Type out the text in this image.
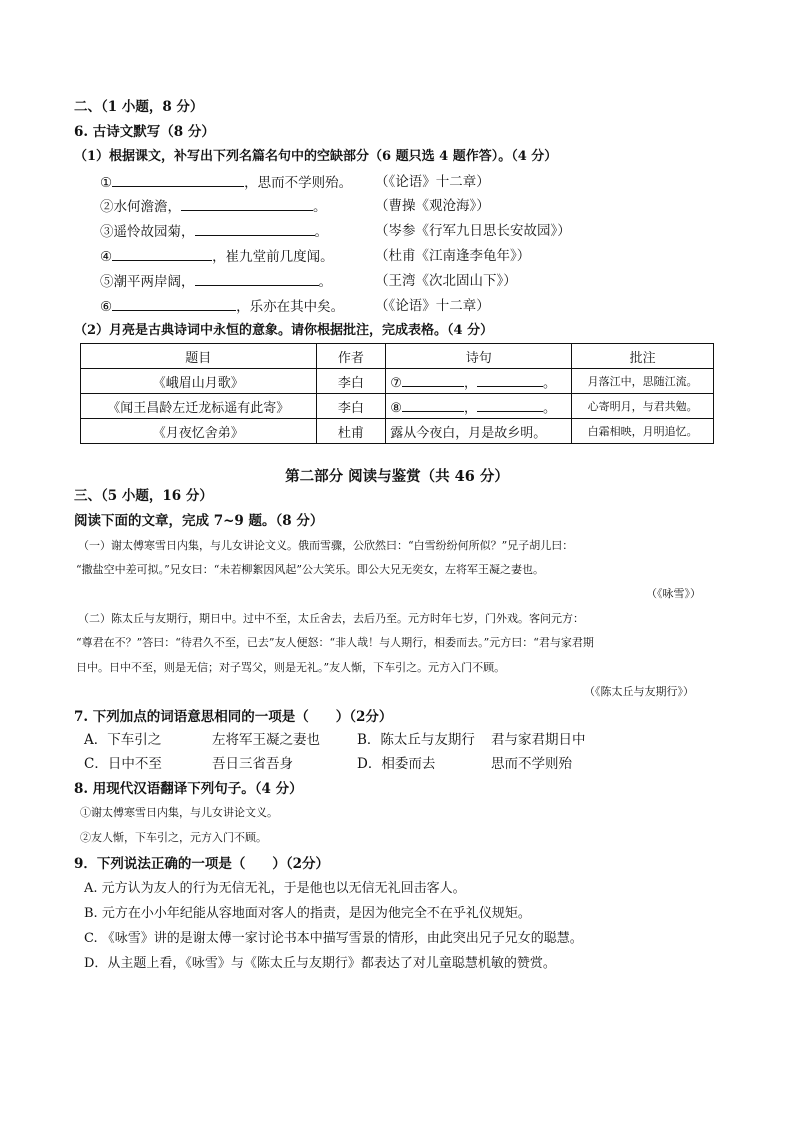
二、（1 小题，8 分）
6. 古诗文默写（8 分）
（1）根据课文，补写出下列名篇名句中的空缺部分（6 题只选 4 题作答）。（4 分）
①	，思而不学则殆。 （《论语》十二章）
②水何澹澹，	。	（曹操《观沧海》）
③遥怜故园菊，	。	（岑参《行军九日思长安故园》）
④	，崔九堂前几度闻。	（杜甫《江南逢李龟年》）
⑤潮平两岸阔，	。	（王湾《次北固山下》）
⑥	，乐亦在其中矣。 （《论语》十二章）
（2）月亮是古典诗词中永恒的意象。请你根据批注，完成表格。（4 分）
题目	作者	诗句	批注
《峨眉山月歌》	李白	⑦ ， 。	月落江中，思随江流。
《闻王昌龄左迁龙标遥有此寄》	李白	⑧ ， 。	心寄明月，与君共勉。
《月夜忆舍弟》	杜甫	露从今夜白，月是故乡明。	白霜相映，月明追忆。
第二部分 阅读与鉴赏（共 46 分）
三、（5 小题，16 分）
阅读下面的文章，完成 7~9 题。（8 分）
（一）谢太傅寒雪日内集，与儿女讲论文义。俄而雪骤，公欣然曰：“白雪纷纷何所似？”兄子胡儿曰：
“撒盐空中差可拟。”兄女曰：“未若柳絮因风起”公大笑乐。即公大兄无奕女，左将军王凝之妻也。
（《咏雪》）
（二）陈太丘与友期行，期日中。过中不至，太丘舍去，去后乃至。元方时年七岁，门外戏。客问元方：
“尊君在不？”答曰：“待君久不至，已去”友人便怒：“非人哉！与人期行，相委而去。”元方曰：“君与家君期
日中。日中不至，则是无信；对子骂父，则是无礼。”友人惭，下车引之。元方入门不顾。
（《陈太丘与友期行》）
7. 下列加点的词语意思相同的一项是（　　）（2分）
A．下车引之	左将军王凝之妻也	B．陈太丘与友期行 君与家君期日中
C．日中不至	吾日三省吾身	D．相委而去	思而不学则殆
8. 用现代汉语翻译下列句子。（4 分）
①谢太傅寒雪日内集，与儿女讲论文义。
②友人惭，下车引之，元方入门不顾。
9．下列说法正确的一项是（　　）（2分）
A. 元方认为友人的行为无信无礼，于是他也以无信无礼回击客人。
B. 元方在小小年纪能从容地面对客人的指责，是因为他完全不在乎礼仪规矩。
C. 《咏雪》讲的是谢太傅一家讨论书本中描写雪景的情形，由此突出兄子兄女的聪慧。
D．从主题上看，《咏雪》与《陈太丘与友期行》都表达了对儿童聪慧机敏的赞赏。
